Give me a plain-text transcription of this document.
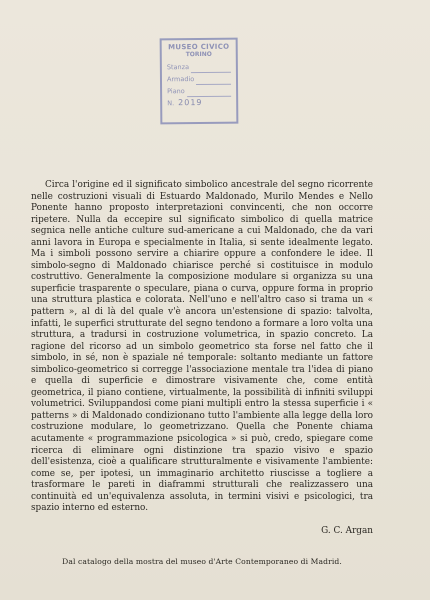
MUSEO CIVICO
TORINO
Stanza
Armadio
Piano
N. 2019

Circa l'origine ed il significato simbolico ancestrale del segno ricorrente nelle costruzioni visuali di Estuardo Maldonado, Murilo Mendes e Nello Ponente hanno proposto interpretazioni convincenti, che non occorre ripetere. Nulla da eccepire sul significato simbolico di quella matrice segnica nelle antiche culture sud-americane a cui Maldonado, che da vari anni lavora in Europa e specialmente in Italia, si sente idealmente legato. Ma i simboli possono servire a chiarire oppure a confondere le idee. Il simbolo-segno di Maldonado chiarisce perché si costituisce in modulo costruttivo. Generalmente la composizione modulare si organizza su una superficie trasparente o speculare, piana o curva, oppure forma in proprio una struttura plastica e colorata. Nell'uno e nell'altro caso si trama un « pattern », al di là del quale v'è ancora un'estensione di spazio: talvolta, infatti, le superfici strutturate del segno tendono a formare a loro volta una struttura, a tradursi in costruzione volumetrica, in spazio concreto. La ragione del ricorso ad un simbolo geometrico sta forse nel fatto che il simbolo, in sé, non è spaziale né temporale: soltanto mediante un fattore simbolico-geometrico si corregge l'associazione mentale tra l'idea di piano e quella di superficie e dimostrare visivamente che, come entità geometrica, il piano contiene, virtualmente, la possibilità di infiniti sviluppi volumetrici. Sviluppandosi come piani multipli entro la stessa superficie i « patterns » di Maldonado condizionano tutto l'ambiente alla legge della loro costruzione modulare, lo geometrizzano. Quella che Ponente chiama acutamente « programmazione psicologica » si può, credo, spiegare come ricerca di eliminare ogni distinzione tra spazio visivo e spazio dell'esistenza, cioè a qualificare strutturalmente e visivamente l'ambiente: come se, per ipotesi, un immaginario architetto riuscisse a togliere a trasformare le pareti in diaframmi strutturali che realizzassero una continuità ed un'equivalenza assoluta, in termini visivi e psicologici, tra spazio interno ed esterno.

G. C. Argan
Dal catalogo della mostra del museo d'Arte Contemporaneo di Madrid.
